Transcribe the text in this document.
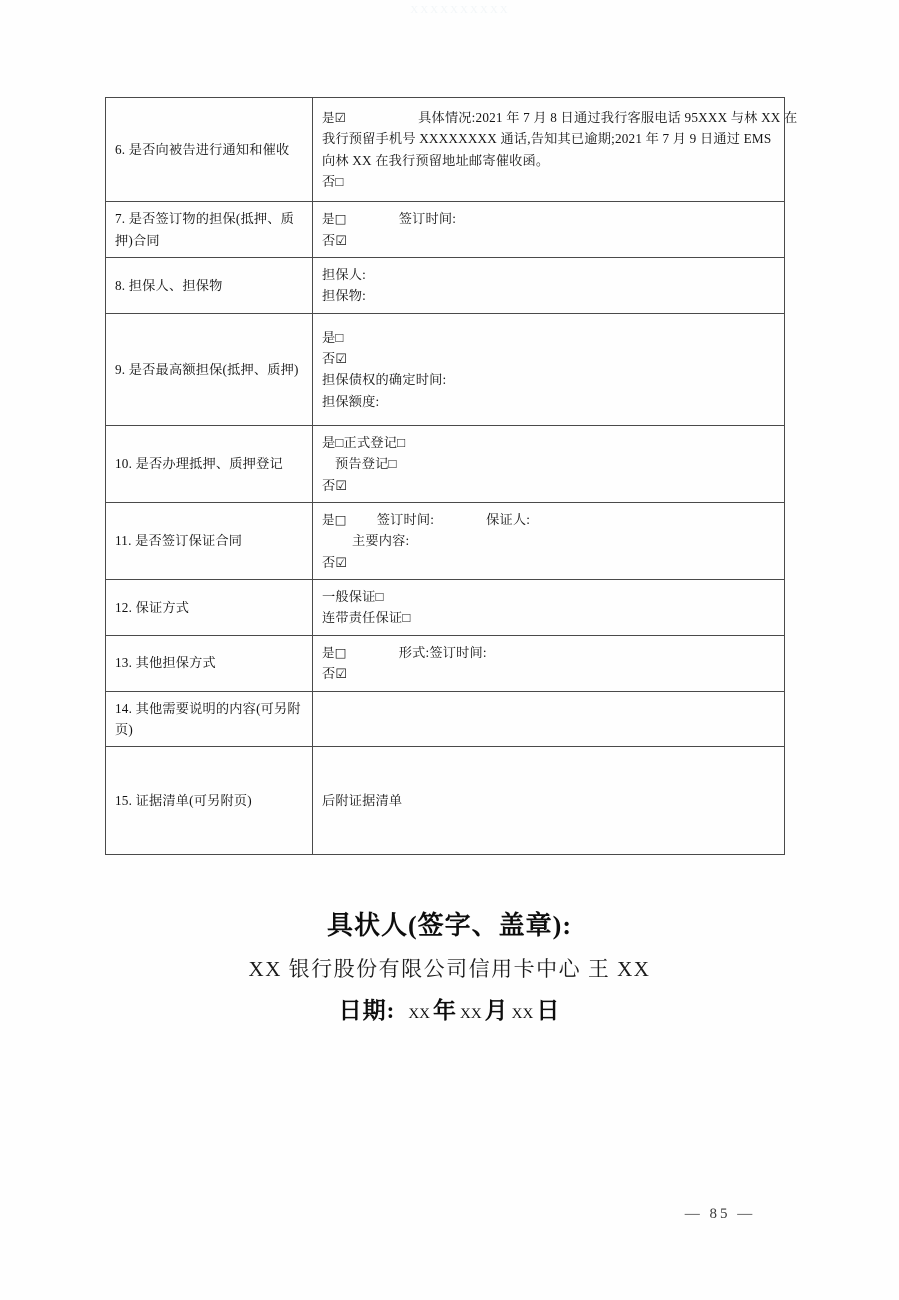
XXXXXXXXXX
6. 是否向被告进行通知和催收	是☑ 具体情况:2021 年 7 月 8 日通过我行客服电话 95XXX 与林 XX 在
我行预留手机号 XXXXXXXX 通话,告知其已逾期;2021 年 7 月 9 日通过 EMS
向林 XX 在我行预留地址邮寄催收函。
否□

7. 是否签订物的担保(抵押、质押)合同	是□ 签订时间:
否☑

8. 担保人、担保物	担保人:
担保物:

9. 是否最高额担保(抵押、质押)	是□
否☑
担保债权的确定时间:
担保额度:

10. 是否办理抵押、质押登记	是□正式登记□
预告登记□
否☑

11. 是否签订保证合同	是□ 签订时间: 保证人:
主要内容:
否☑

12. 保证方式	一般保证□
连带责任保证□

13. 其他担保方式	是□ 形式:签订时间:
否☑

14. 其他需要说明的内容(可另附页)	
15. 证据清单(可另附页)	后附证据清单
具状人(签字、盖章):
XX 银行股份有限公司信用卡中心 王 XX
日期: XX 年 XX 月 XX 日
— 85 —
